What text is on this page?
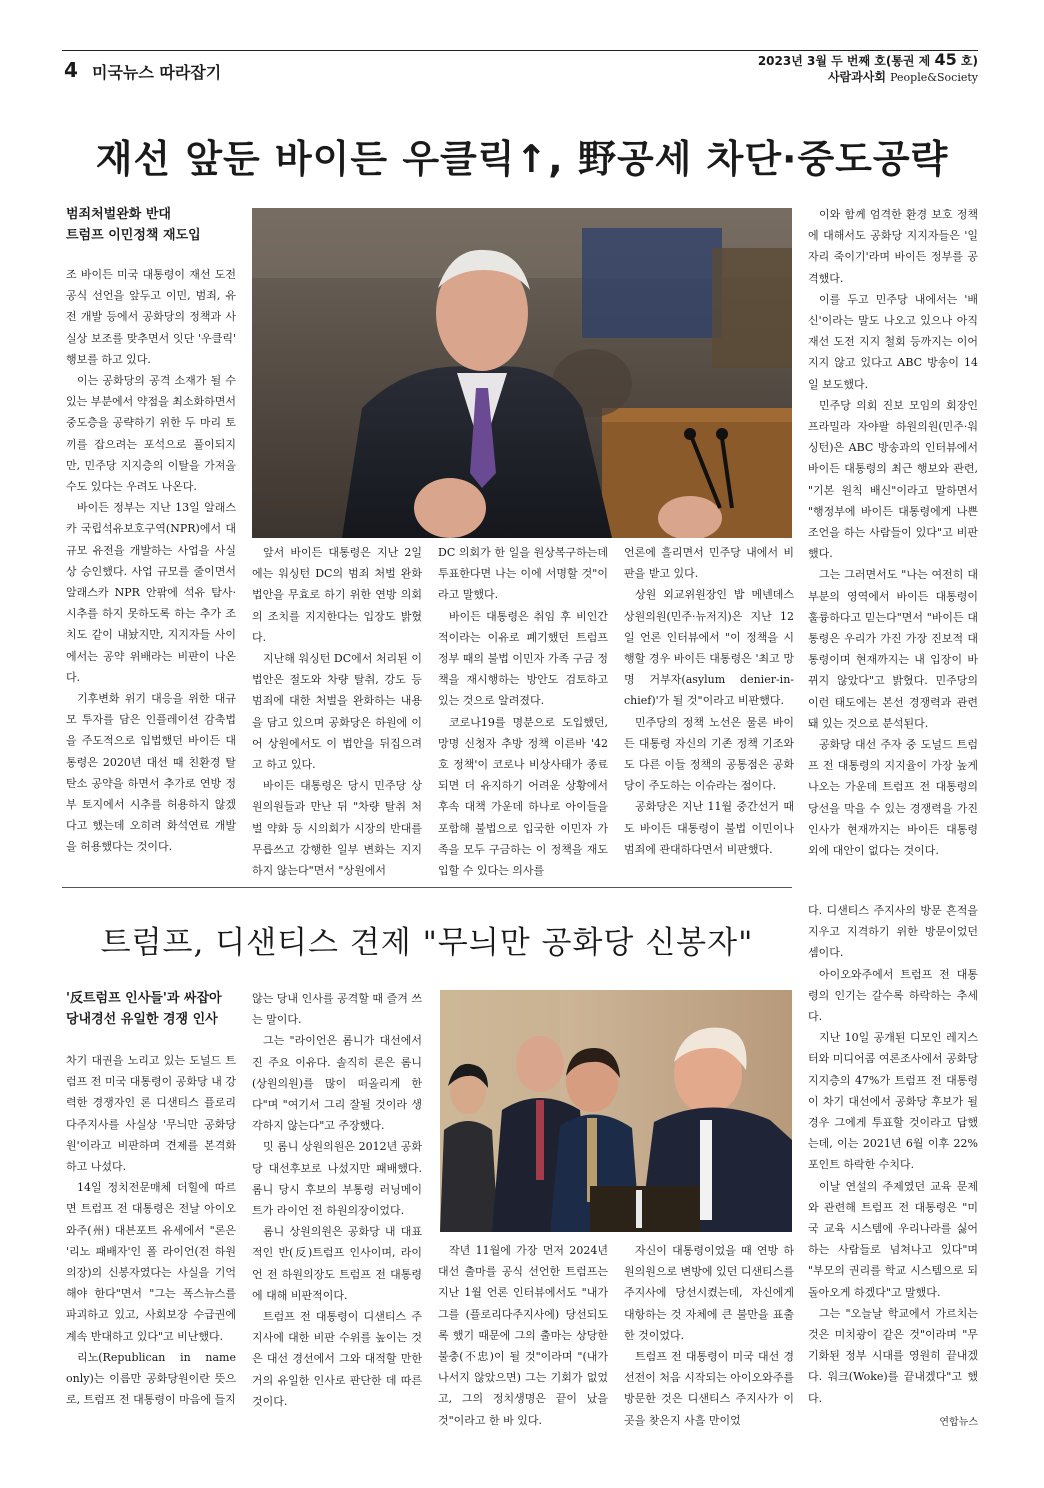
4 미국뉴스 따라잡기
2023년 3월 두 번째 호(통권 제 45 호)
사람과사회 People&Society
재선 앞둔 바이든 우클릭↑, 野공세 차단·중도공략
범죄처벌완화 반대
트럼프 이민정책 재도입

조 바이든 미국 대통령이 재선 도전 공식 선언을 앞두고 이민, 범죄, 유전 개발 등에서 공화당의 정책과 사실상 보조를 맞추면서 잇단 '우클릭' 행보를 하고 있다.

이는 공화당의 공격 소재가 될 수 있는 부분에서 약점을 최소화하면서 중도층을 공략하기 위한 두 마리 토끼를 잡으려는 포석으로 풀이되지만, 민주당 지지층의 이탈을 가져올 수도 있다는 우려도 나온다.

바이든 정부는 지난 13일 알래스카 국립석유보호구역(NPR)에서 대규모 유전을 개발하는 사업을 사실상 승인했다. 사업 규모를 줄이면서 알래스카 NPR 안팎에 석유 탐사·시추를 하지 못하도록 하는 추가 조치도 같이 내놨지만, 지지자들 사이에서는 공약 위배라는 비판이 나온다.

기후변화 위기 대응을 위한 대규모 투자를 담은 인플레이션 감축법을 주도적으로 입법했던 바이든 대통령은 2020년 대선 때 친환경 탈탄소 공약을 하면서 추가로 연방 정부 토지에서 시추를 허용하지 않겠다고 했는데 오히려 화석연료 개발을 허용했다는 것이다.

앞서 바이든 대통령은 지난 2일에는 워싱턴 DC의 범죄 처벌 완화 법안을 무효로 하기 위한 연방 의회의 조치를 지지한다는 입장도 밝혔다.

지난해 워싱턴 DC에서 처리된 이 법안은 절도와 차량 탈취, 강도 등 범죄에 대한 처벌을 완화하는 내용을 담고 있으며 공화당은 하원에 이어 상원에서도 이 법안을 뒤집으려고 하고 있다.

바이든 대통령은 당시 민주당 상원의원들과 만난 뒤 "차량 탈취 처벌 약화 등 시의회가 시장의 반대를 무릅쓰고 강행한 일부 변화는 지지하지 않는다"면서 "상원에서

DC 의회가 한 일을 원상복구하는데 투표한다면 나는 이에 서명할 것"이라고 말했다.

바이든 대통령은 취임 후 비인간적이라는 이유로 폐기했던 트럼프 정부 때의 불법 이민자 가족 구금 정책을 재시행하는 방안도 검토하고 있는 것으로 알려졌다.

코로나19를 명분으로 도입했던, 망명 신청자 추방 정책 이른바 '42호 정책'이 코로나 비상사태가 종료되면 더 유지하기 어려운 상황에서 후속 대책 가운데 하나로 아이들을 포함해 불법으로 입국한 이민자 가족을 모두 구금하는 이 정책을 재도입할 수 있다는 의사를

언론에 흘리면서 민주당 내에서 비판을 받고 있다.

상원 외교위원장인 밥 메넨데스 상원의원(민주·뉴저지)은 지난 12일 언론 인터뷰에서 "이 정책을 시행할 경우 바이든 대통령은 '최고 망명 거부자(asylum denier-in-chief)'가 될 것"이라고 비판했다.

민주당의 정책 노선은 물론 바이든 대통령 자신의 기존 정책 기조와도 다른 이들 정책의 공통점은 공화당이 주도하는 이슈라는 점이다.

공화당은 지난 11월 중간선거 때도 바이든 대통령이 불법 이민이나 범죄에 관대하다면서 비판했다.

이와 함께 엄격한 환경 보호 정책에 대해서도 공화당 지지자들은 '일자리 죽이기'라며 바이든 정부를 공격했다.

이를 두고 민주당 내에서는 '배신'이라는 말도 나오고 있으나 아직 재선 도전 지지 철회 등까지는 이어지지 않고 있다고 ABC 방송이 14일 보도했다.

민주당 의회 진보 모임의 회장인 프라밀라 자야팔 하원의원(민주·워싱턴)은 ABC 방송과의 인터뷰에서 바이든 대통령의 최근 행보와 관련, "기본 원칙 배신"이라고 말하면서 "행정부에 바이든 대통령에게 나쁜 조언을 하는 사람들이 있다"고 비판했다.

그는 그러면서도 "나는 여전히 대부분의 영역에서 바이든 대통령이 훌륭하다고 믿는다"면서 "바이든 대통령은 우리가 가진 가장 진보적 대통령이며 현재까지는 내 입장이 바뀌지 않았다"고 밝혔다. 민주당의 이런 태도에는 본선 경쟁력과 관련돼 있는 것으로 분석된다.

공화당 대선 주자 중 도널드 트럼프 전 대통령의 지지율이 가장 높게 나오는 가운데 트럼프 전 대통령의 당선을 막을 수 있는 경쟁력을 가진 인사가 현재까지는 바이든 대통령 외에 대안이 없다는 것이다.

트럼프, 디샌티스 견제 "무늬만 공화당 신봉자"
'反트럼프 인사들'과 싸잡아
당내경선 유일한 경쟁 인사

차기 대권을 노리고 있는 도널드 트럼프 전 미국 대통령이 공화당 내 강력한 경쟁자인 론 디샌티스 플로리다주지사를 사실상 '무늬만 공화당원'이라고 비판하며 견제를 본격화하고 나섰다.

14일 정치전문매체 더힐에 따르면 트럼프 전 대통령은 전날 아이오와주(州) 대븐포트 유세에서 "론은 '리노 패배자'인 폴 라이언(전 하원의장)의 신봉자였다는 사실을 기억해야 한다"면서 "그는 폭스뉴스를 파괴하고 있고, 사회보장 수급권에 계속 반대하고 있다"고 비난했다.

리노(Republican in name only)는 이름만 공화당원이란 뜻으로, 트럼프 전 대통령이 마음에 들지

않는 당내 인사를 공격할 때 즐겨 쓰는 말이다.

그는 "라이언은 롬니가 대선에서 진 주요 이유다. 솔직히 론은 롬니(상원의원)를 많이 떠올리게 한다"며 "여기서 그리 잘될 것이라 생각하지 않는다"고 주장했다.

밋 롬니 상원의원은 2012년 공화당 대선후보로 나섰지만 패배했다. 롬니 당시 후보의 부통령 러닝메이트가 라이언 전 하원의장이었다.

롬니 상원의원은 공화당 내 대표적인 반(反)트럼프 인사이며, 라이언 전 하원의장도 트럼프 전 대통령에 대해 비판적이다.

트럼프 전 대통령이 디샌티스 주지사에 대한 비판 수위를 높이는 것은 대선 경선에서 그와 대적할 만한 거의 유일한 인사로 판단한 데 따른 것이다.

작년 11월에 가장 먼저 2024년 대선 출마를 공식 선언한 트럼프는 지난 1월 언론 인터뷰에서도 "내가 그를 (플로리다주지사에) 당선되도록 했기 때문에 그의 출마는 상당한 불충(不忠)이 될 것"이라며 "(내가 나서지 않았으면) 그는 기회가 없었고, 그의 정치생명은 끝이 났을 것"이라고 한 바 있다.

자신이 대통령이었을 때 연방 하원의원으로 변방에 있던 디샌티스를 주지사에 당선시켰는데, 자신에게 대항하는 것 자체에 큰 불만을 표출한 것이었다.

트럼프 전 대통령이 미국 대선 경선전이 처음 시작되는 아이오와주를 방문한 것은 디샌티스 주지사가 이 곳을 찾은지 사흘 만이었

다. 디샌티스 주지사의 방문 흔적을 지우고 지격하기 위한 방문이었던 셈이다.

아이오와주에서 트럼프 전 대통령의 인기는 갈수록 하락하는 추세다.

지난 10일 공개된 디모인 레지스터와 미디어콤 여론조사에서 공화당 지지층의 47%가 트럼프 전 대통령이 차기 대선에서 공화당 후보가 될 경우 그에게 투표할 것이라고 답했는데, 이는 2021년 6월 이후 22%포인트 하락한 수치다.

이날 연설의 주제였던 교육 문제와 관련해 트럼프 전 대통령은 "미국 교육 시스템에 우리나라를 싫어하는 사람들로 넘쳐나고 있다"며 "부모의 권리를 학교 시스템으로 되돌아오게 하겠다"고 말했다.

그는 "오늘날 학교에서 가르치는 것은 미치광이 같은 것"이라며 "무기화된 정부 시대를 영원히 끝내겠다. 워크(Woke)를 끝내겠다"고 했다.

연합뉴스
